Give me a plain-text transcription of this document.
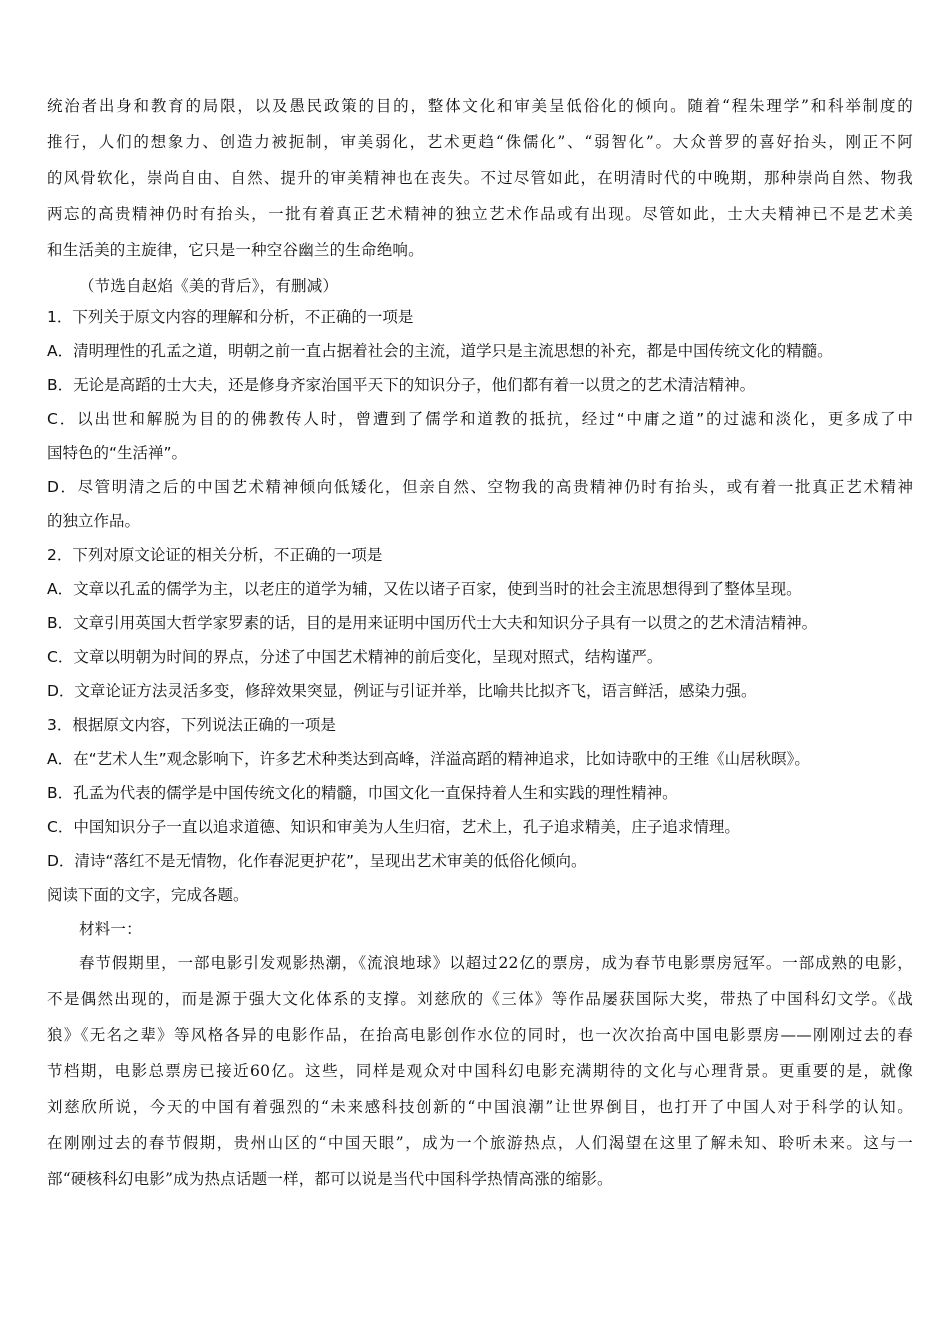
统治者出身和教育的局限，以及愚民政策的目的，整体文化和审美呈低俗化的倾向。随着“程朱理学”和科举制度的
推行，人们的想象力、创造力被扼制，审美弱化，艺术更趋“侏儒化”、“弱智化”。大众普罗的喜好抬头，刚正不阿
的风骨软化，崇尚自由、自然、提升的审美精神也在丧失。不过尽管如此，在明清时代的中晚期，那种崇尚自然、物我
两忘的高贵精神仍时有抬头，一批有着真正艺术精神的独立艺术作品或有出现。尽管如此，士大夫精神已不是艺术美
和生活美的主旋律，它只是一种空谷幽兰的生命绝响。
（节选自赵焰《美的背后》，有删减）
1．下列关于原文内容的理解和分析，不正确的一项是
A．清明理性的孔孟之道，明朝之前一直占据着社会的主流，道学只是主流思想的补充，都是中国传统文化的精髓。
B．无论是高蹈的士大夫，还是修身齐家治国平天下的知识分子，他们都有着一以贯之的艺术清洁精神。
C．以出世和解脱为目的的佛教传人时，曾遭到了儒学和道教的抵抗，经过“中庸之道”的过滤和淡化，更多成了中
国特色的“生活禅”。
D．尽管明清之后的中国艺术精神倾向低矮化，但亲自然、空物我的高贵精神仍时有抬头，或有着一批真正艺术精神
的独立作品。
2．下列对原文论证的相关分析，不正确的一项是
A．文章以孔孟的儒学为主，以老庄的道学为辅，又佐以诸子百家，使到当时的社会主流思想得到了整体呈现。
B．文章引用英国大哲学家罗素的话，目的是用来证明中国历代士大夫和知识分子具有一以贯之的艺术清洁精神。
C．文章以明朝为时间的界点，分述了中国艺术精神的前后变化，呈现对照式，结构谨严。
D．文章论证方法灵活多变，修辞效果突显，例证与引证并举，比喻共比拟齐飞，语言鲜活，感染力强。
3．根据原文内容，下列说法正确的一项是
A．在“艺术人生”观念影响下，许多艺术种类达到高峰，洋溢高蹈的精神追求，比如诗歌中的王维《山居秋暝》。
B．孔孟为代表的儒学是中国传统文化的精髓，巾国文化一直保持着人生和实践的理性精神。
C．中国知识分子一直以追求道德、知识和审美为人生归宿，艺术上，孔子追求精美，庄子追求情理。
D．清诗“落红不是无情物，化作春泥更护花”，呈现出艺术审美的低俗化倾向。
阅读下面的文字，完成各题。
材料一：
春节假期里，一部电影引发观影热潮，《流浪地球》以超过22亿的票房，成为春节电影票房冠军。一部成熟的电影，
不是偶然出现的，而是源于强大文化体系的支撑。刘慈欣的《三体》等作品屡获国际大奖，带热了中国科幻文学。《战
狼》《无名之辈》等风格各异的电影作品，在抬高电影创作水位的同时，也一次次抬高中国电影票房——刚刚过去的春
节档期，电影总票房已接近60亿。这些，同样是观众对中国科幻电影充满期待的文化与心理背景。更重要的是，就像
刘慈欣所说，今天的中国有着强烈的“未来感科技创新的“中国浪潮”让世界倒目，也打开了中国人对于科学的认知。
在刚刚过去的春节假期，贵州山区的“中国天眼”，成为一个旅游热点，人们渴望在这里了解未知、聆听未来。这与一
部“硬核科幻电影”成为热点话题一样，都可以说是当代中国科学热情高涨的缩影。
